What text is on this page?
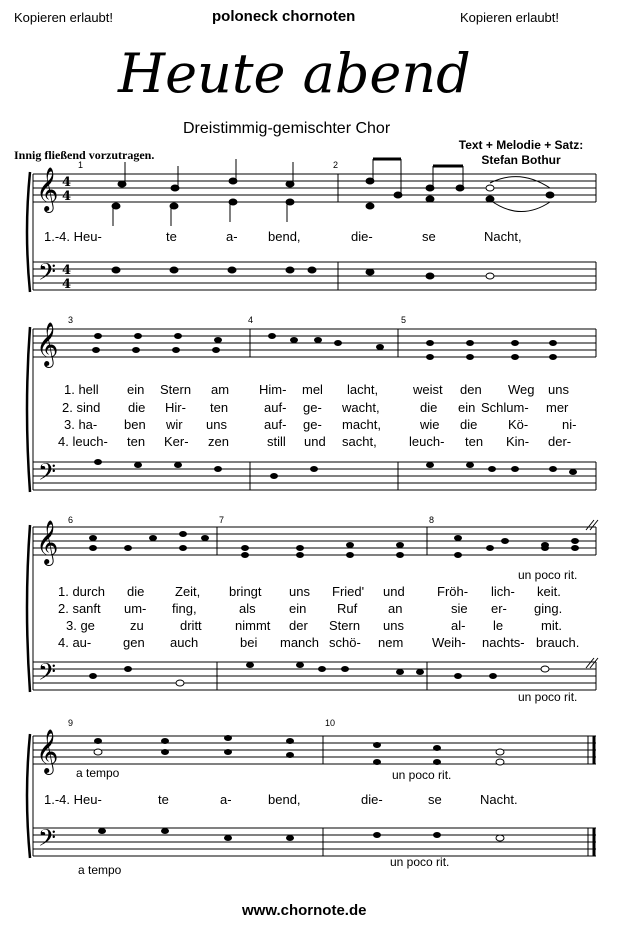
Kopieren erlaubt!	poloneck chornoten	Kopieren erlaubt!
Heute abend
Dreistimmig-gemischter Chor
Text + Melodie + Satz:
Stefan Bothur
Innig fließend vorzutragen.
𝄞
𝄢
4
4
4
4
𝄞
𝄢
𝄞
𝄢
𝄞
𝄢
1	2
3	4	5
6	7	8
9	10
1.-4. Heu-	te	a- bend,	die-	se	Nacht,
1. hell ein Stern am Him- mel lacht,	weist den Weg uns
2. sind die Hir- ten	auf- ge- wacht,	die ein Schlum- mer
3. ha- ben wir uns	auf- ge- macht,	wie die Kö-	ni-
4. leuch- ten Ker- zen	still und sacht, leuch- ten Kin- der-
1. durch die Zeit, bringt uns Fried' und Fröh- lich- keit.
2. sanft um- fing,	als	ein Ruf an	sie er- ging.
3. ge	zu	dritt	nimmt der Stern uns	al- le	mit.
4. au- gen auch	bei manch schö- nem Weih- nachts- brauch.
un poco rit.
un poco rit.
1.-4. Heu-	te	a-	bend,	die-	se	Nacht.
a tempo	un poco rit.
a tempo
un poco rit.
www.chornote.de
